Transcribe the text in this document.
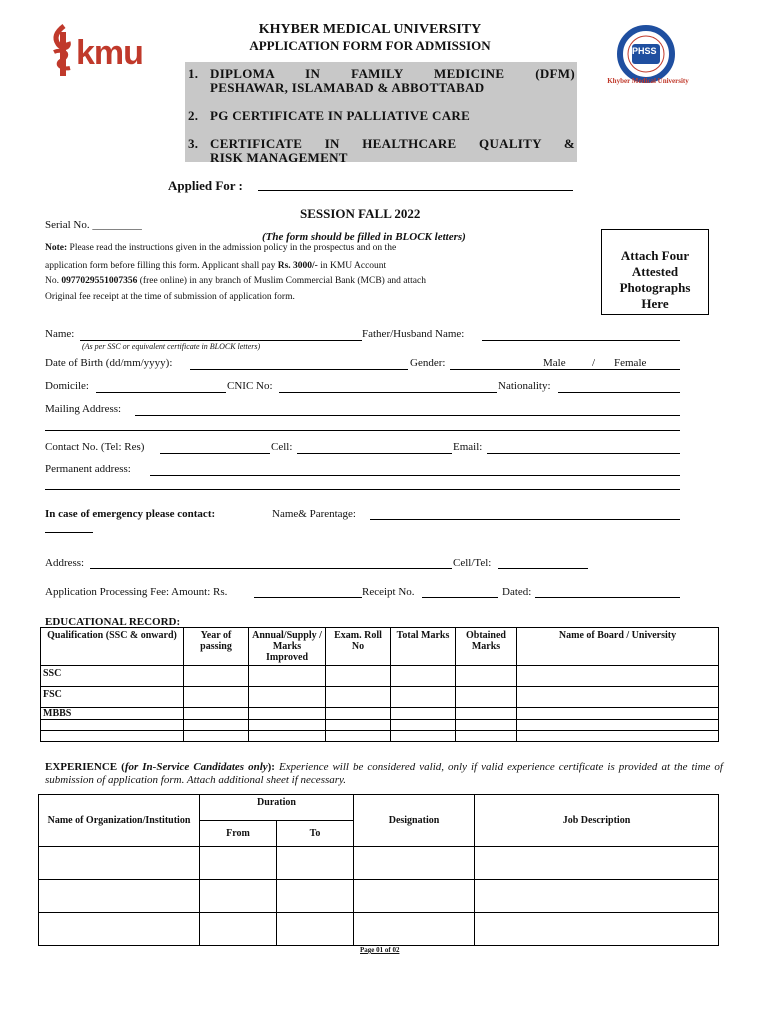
kmu	PHSS
Khyber Medical University
KHYBER MEDICAL UNIVERSITY
APPLICATION FORM FOR ADMISSION
1. DIPLOMA IN FAMILY MEDICINE (DFM)
PESHAWAR, ISLAMABAD & ABBOTTABAD
2. PG CERTIFICATE IN PALLIATIVE CARE
3. CERTIFICATE IN HEALTHCARE QUALITY &
RISK MANAGEMENT
Applied For :
SESSION FALL 2022
Serial No. _________
(The form should be filled in BLOCK letters)
Note: Please read the instructions given in the admission policy in the prospectus and on the
application form before filling this form. Applicant shall pay Rs. 3000/- in KMU Account
No. 0977029551007356 (free online) in any branch of Muslim Commercial Bank (MCB) and attach
Original fee receipt at the time of submission of application form.
Attach Four
Attested
Photographs
Here
Name:	Father/Husband Name:
(As per SSC or equivalent certificate in BLOCK letters)
Date of Birth (dd/mm/yyyy):	Gender:	Male / Female
Domicile:	CNIC No:	Nationality:
Mailing Address:
Contact No. (Tel: Res)	Cell:	Email:
Permanent address:
In case of emergency please contact:	Name& Parentage:
Address:	Cell/Tel:
Application Processing Fee: Amount: Rs.	Receipt No.	Dated:
EDUCATIONAL RECORD:
Qualification (SSC & onward)	Year of passing	Annual/Supply / Marks Improved	Exam. Roll No	Total Marks	Obtained Marks	Name of Board / University
SSC						
FSC						
MBBS						

EXPERIENCE (for In-Service Candidates only): Experience will be considered valid, only if valid experience certificate is provided at the time of submission of application form. Attach additional sheet if necessary.
Name of Organization/Institution	Duration		Designation	Job Description
	From	To		

Page 01 of 02
